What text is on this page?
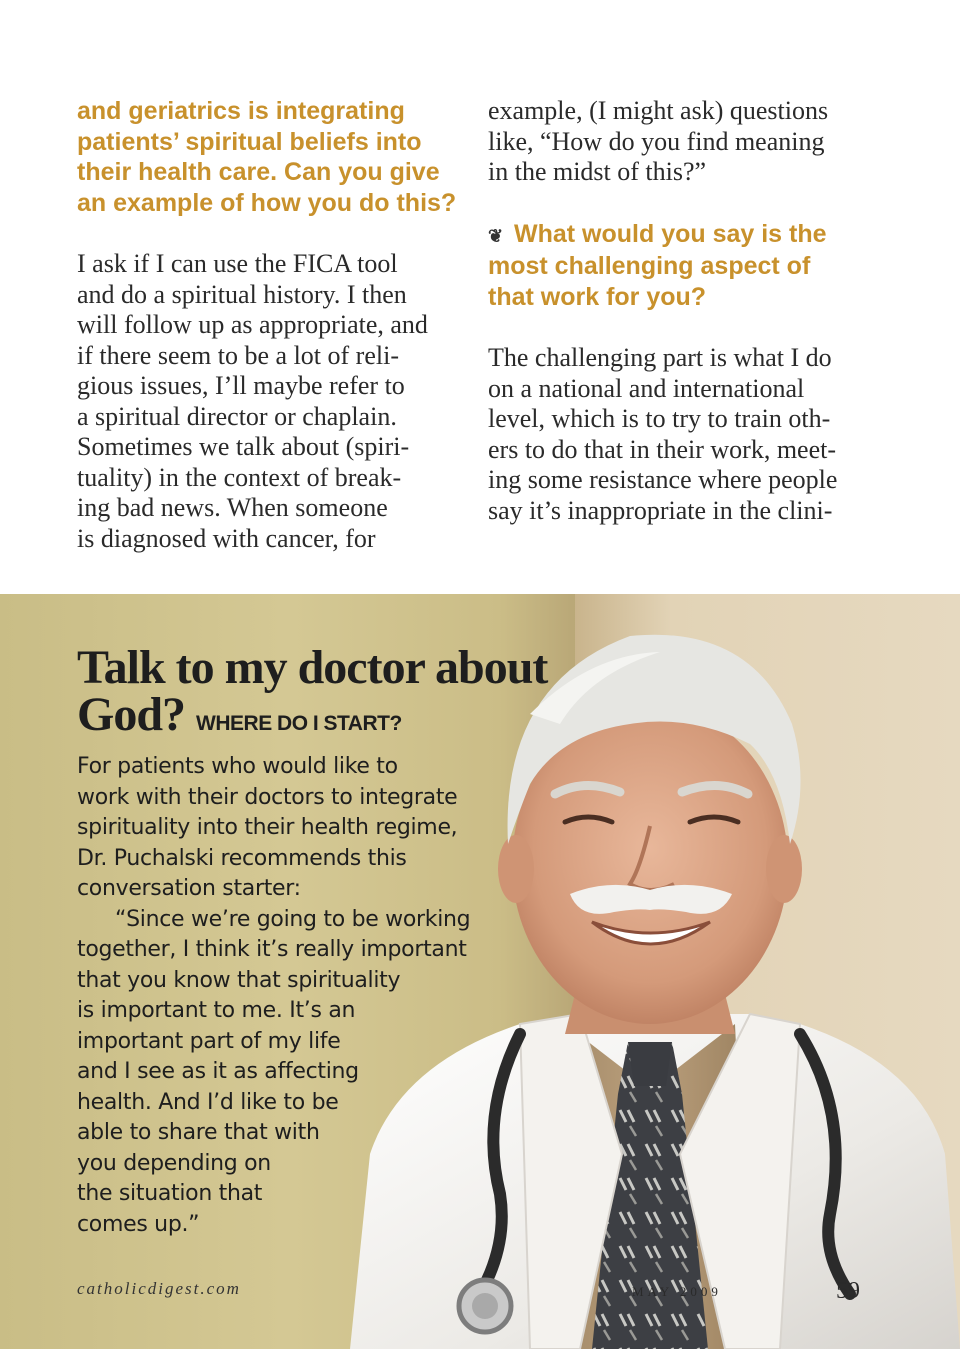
and geriatrics is integrating
patients’ spiritual beliefs into
their health care. Can you give
an example of how you do this?

I ask if I can use the FICA tool
and do a spiritual history. I then
will follow up as appropriate, and
if there seem to be a lot of reli-
gious issues, I’ll maybe refer to
a spiritual director or chaplain.
Sometimes we talk about (spiri-
tuality) in the context of break-
ing bad news. When someone
is diagnosed with cancer, for

example, (I might ask) questions
like, “How do you find meaning
in the midst of this?”

❦ What would you say is the
most challenging aspect of
that work for you?

The challenging part is what I do
on a national and international
level, which is to try to train oth-
ers to do that in their work, meet-
ing some resistance where people
say it’s inappropriate in the clini-

Talk to my doctor about
God? WHERE DO I START?

For patients who would like to
work with their doctors to integrate
spirituality into their health regime,
Dr. Puchalski recommends this
conversation starter:
“Since we’re going to be working
together, I think it’s really important
that you know that spirituality
is important to me. It’s an
important part of my life
and I see as it as affecting
health. And I’d like to be
able to share that with
you depending on
the situation that
comes up.”

catholicdigest.com	MAY 2009	59
